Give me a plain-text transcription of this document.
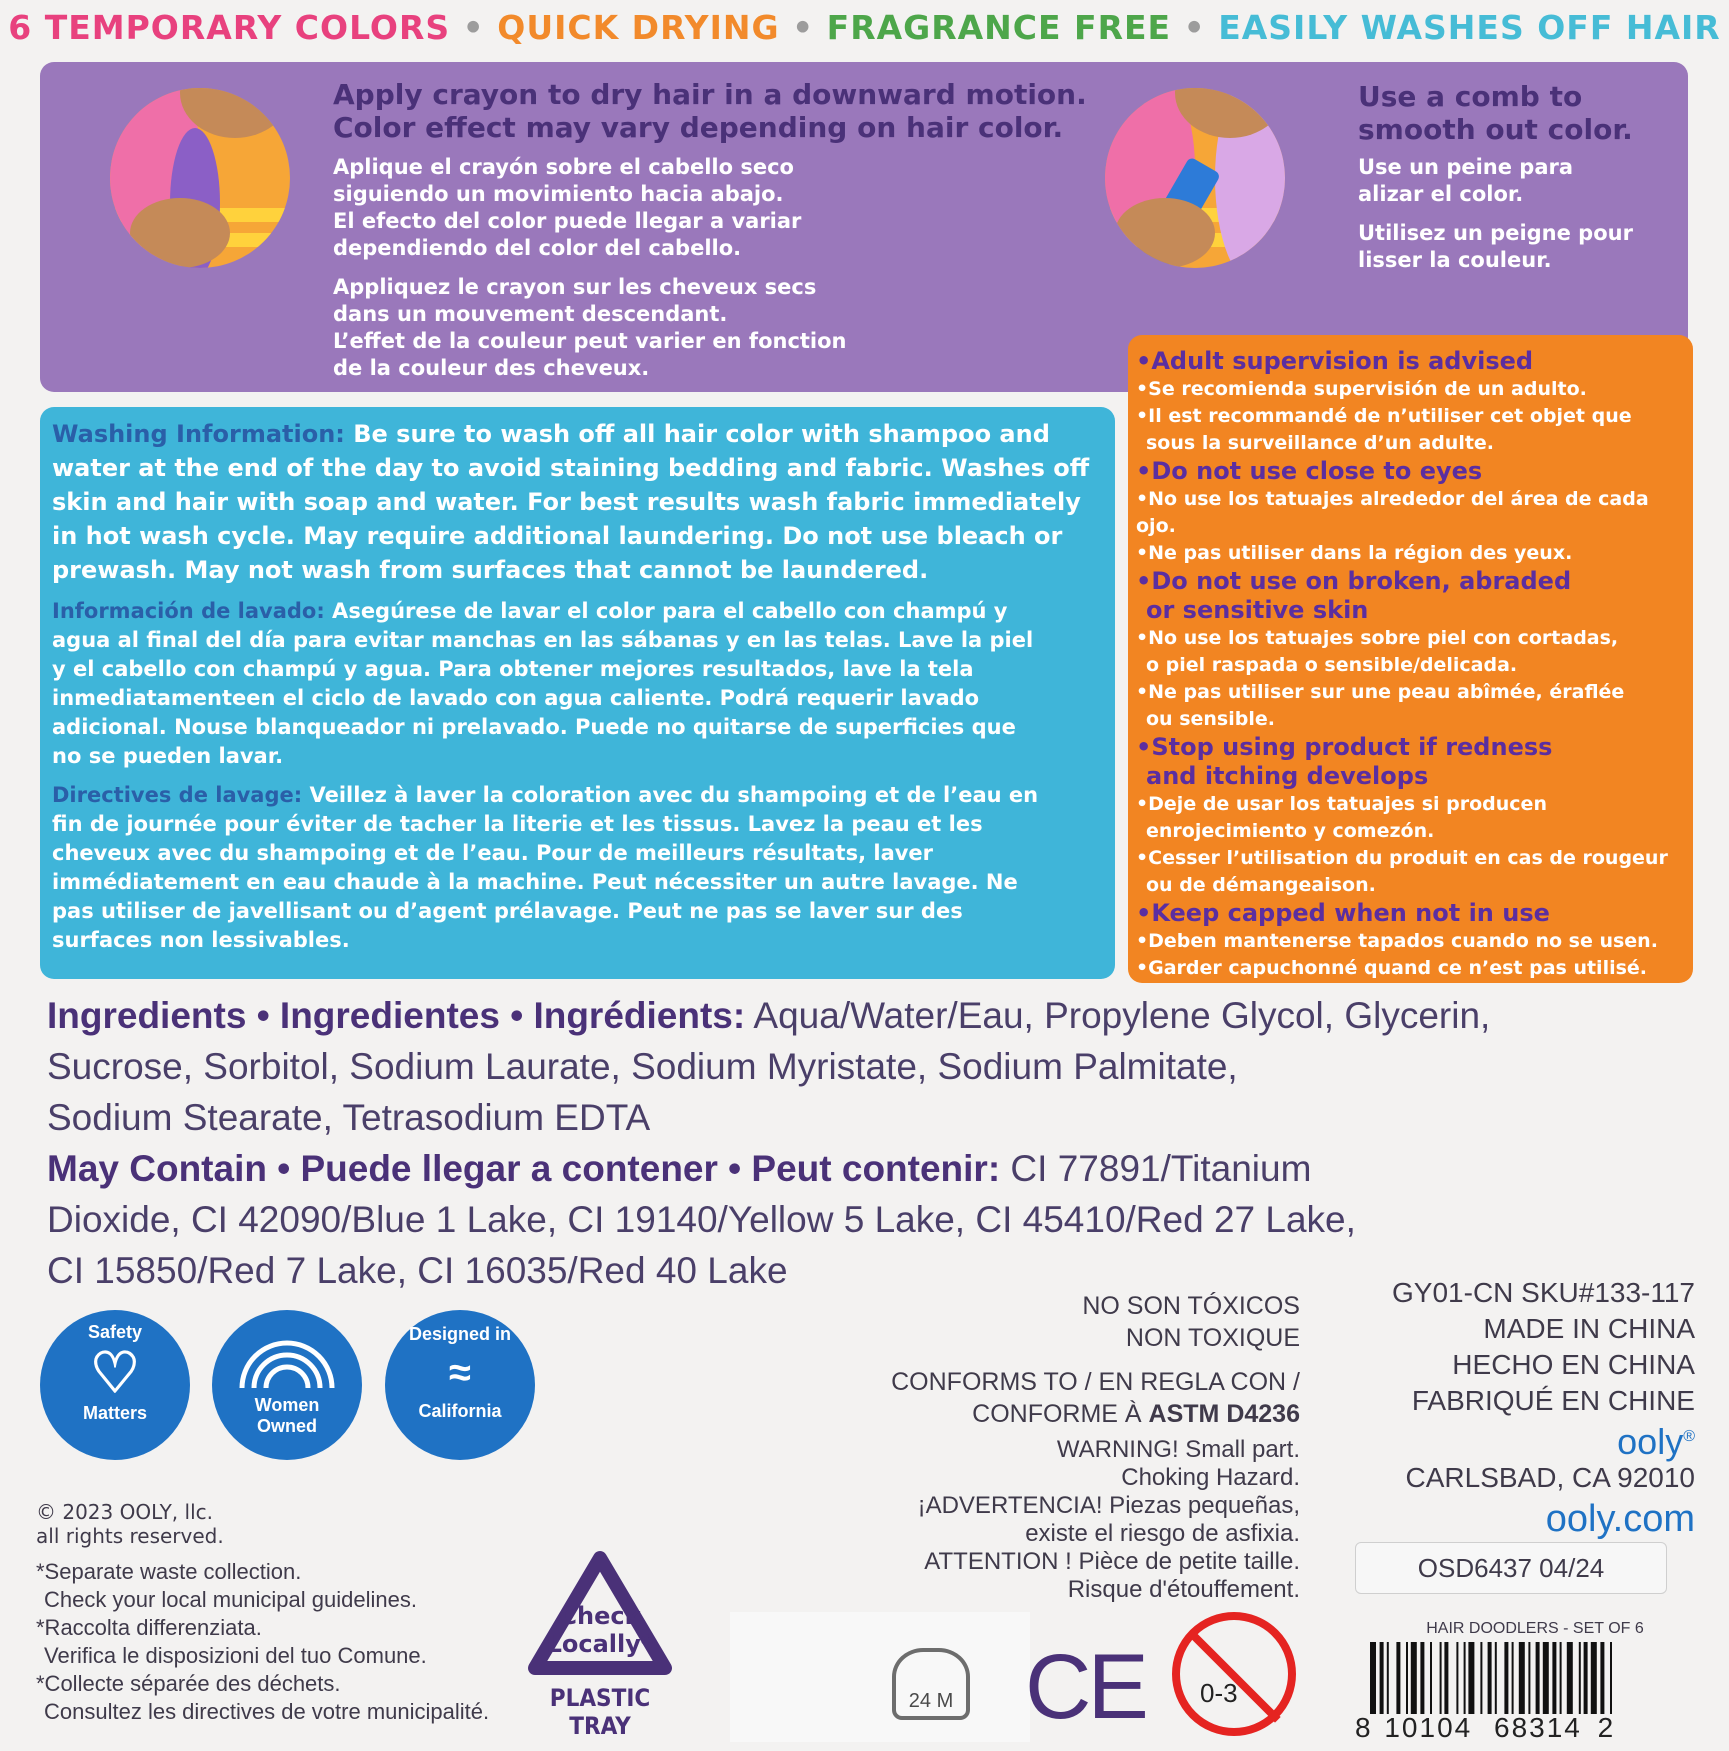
6 TEMPORARY COLORS • QUICK DRYING • FRAGRANCE FREE • EASILY WASHES OFF HAIR
Apply crayon to dry hair in a downward motion.
Color effect may vary depending on hair color.
Aplique el crayón sobre el cabello seco
siguiendo un movimiento hacia abajo.
El efecto del color puede llegar a variar
dependiendo del color del cabello.
Appliquez le crayon sur les cheveux secs
dans un mouvement descendant.
L’effet de la couleur peut varier en fonction
de la couleur des cheveux.
Use a comb to
smooth out color.
Use un peine para
alizar el color.
Utilisez un peigne pour
lisser la couleur.
Washing Information: Be sure to wash off all hair color with shampoo and
water at the end of the day to avoid staining bedding and fabric. Washes off
skin and hair with soap and water. For best results wash fabric immediately
in hot wash cycle. May require additional laundering. Do not use bleach or
prewash. May not wash from surfaces that cannot be laundered.
Información de lavado: Asegúrese de lavar el color para el cabello con champú y
agua al final del día para evitar manchas en las sábanas y en las telas. Lave la piel
y el cabello con champú y agua. Para obtener mejores resultados, lave la tela
inmediatamenteen el ciclo de lavado con agua caliente. Podrá requerir lavado
adicional. Nouse blanqueador ni prelavado. Puede no quitarse de superficies que
no se pueden lavar.
Directives de lavage: Veillez à laver la coloration avec du shampoing et de l’eau en
fin de journée pour éviter de tacher la literie et les tissus. Lavez la peau et les
cheveux avec du shampoing et de l’eau. Pour de meilleurs résultats, laver
immédiatement en eau chaude à la machine. Peut nécessiter un autre lavage. Ne
pas utiliser de javellisant ou d’agent prélavage. Peut ne pas se laver sur des
surfaces non lessivables.
•Adult supervision is advised
•Se recomienda supervisión de un adulto.
•Il est recommandé de n’utiliser cet objet que
sous la surveillance d’un adulte.
•Do not use close to eyes
•No use los tatuajes alrededor del área de cada ojo.
•Ne pas utiliser dans la région des yeux.
•Do not use on broken, abraded
or sensitive skin
•No use los tatuajes sobre piel con cortadas,
o piel raspada o sensible/delicada.
•Ne pas utiliser sur une peau abîmée, éraflée
ou sensible.
•Stop using product if redness
and itching develops
•Deje de usar los tatuajes si producen
enrojecimiento y comezón.
•Cesser l’utilisation du produit en cas de rougeur
ou de démangeaison.
•Keep capped when not in use
•Deben mantenerse tapados cuando no se usen.
•Garder capuchonné quand ce n’est pas utilisé.
Ingredients • Ingredientes • Ingrédients: Aqua/Water/Eau, Propylene Glycol, Glycerin,
Sucrose, Sorbitol, Sodium Laurate, Sodium Myristate, Sodium Palmitate,
Sodium Stearate, Tetrasodium EDTA
May Contain • Puede llegar a contener • Peut contenir: CI 77891/Titanium
Dioxide, CI 42090/Blue 1 Lake, CI 19140/Yellow 5 Lake, CI 45410/Red 27 Lake,
CI 15850/Red 7 Lake, CI 16035/Red 40 Lake
Safety
♡
Matters	Women
Owned
Designed in
≈
California
© 2023 OOLY, llc.
all rights reserved.
*Separate waste collection.
Check your local municipal guidelines.
*Raccolta differenziata.
Verifica le disposizioni del tuo Comune.
*Collecte séparée des déchets.
Consultez les directives de votre municipalité.
Check
Locally*
PLASTIC TRAY
NO SON TÓXICOS
NON TOXIQUE
CONFORMS TO / EN REGLA CON /
CONFORME À ASTM D4236
WARNING! Small part.
Choking Hazard.
¡ADVERTENCIA! Piezas pequeñas,
existe el riesgo de asfixia.
ATTENTION ! Pièce de petite taille.
Risque d'étouffement.
GY01-CN SKU#133-117
MADE IN CHINA
HECHO EN CHINA
FABRIQUÉ EN CHINE
ooly®
CARLSBAD, CA 92010
ooly.com
OSD6437 04/24
24 M CE 0-3
HAIR DOODLERS - SET OF 6
8 10104 68314 2
